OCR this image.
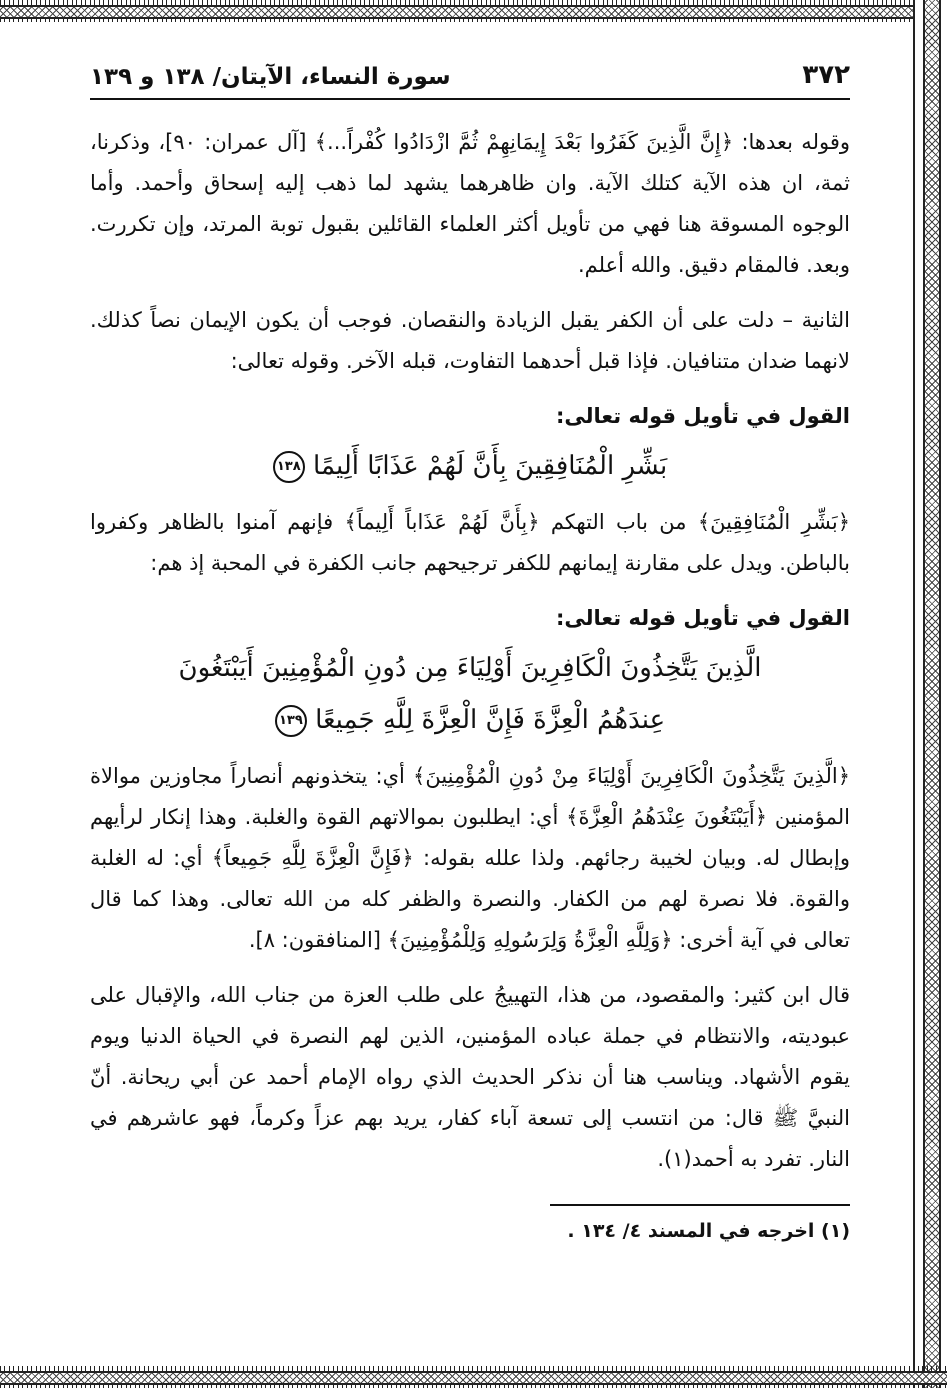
٣٧٢
سورة النساء، الآيتان/ ١٣٨ و ١٣٩

وقوله بعدها: ﴿إِنَّ الَّذِينَ كَفَرُوا بَعْدَ إِيمَانِهِمْ ثُمَّ ازْدَادُوا كُفْراً...﴾ [آل عمران: ٩٠]، وذكرنا، ثمة، ان هذه الآية كتلك الآية. وان ظاهرهما يشهد لما ذهب إليه إسحاق وأحمد. وأما الوجوه المسوقة هنا فهي من تأويل أكثر العلماء القائلين بقبول توبة المرتد، وإن تكررت. وبعد. فالمقام دقيق. والله أعلم.

الثانية – دلت على أن الكفر يقبل الزيادة والنقصان. فوجب أن يكون الإيمان نصاً كذلك. لانهما ضدان متنافيان. فإذا قبل أحدهما التفاوت، قبله الآخر. وقوله تعالى:

القول في تأويل قوله تعالى:
بَشِّرِ الْمُنَافِقِينَ بِأَنَّ لَهُمْ عَذَابًا أَلِيمًا ١٣٨

﴿بَشِّرِ الْمُنَافِقِينَ﴾ من باب التهكم ﴿بِأَنَّ لَهُمْ عَذَاباً أَلِيماً﴾ فإنهم آمنوا بالظاهر وكفروا بالباطن. ويدل على مقارنة إيمانهم للكفر ترجيحهم جانب الكفرة في المحبة إذ هم:

القول في تأويل قوله تعالى:
الَّذِينَ يَتَّخِذُونَ الْكَافِرِينَ أَوْلِيَاءَ مِن دُونِ الْمُؤْمِنِينَ أَيَبْتَغُونَ
عِندَهُمُ الْعِزَّةَ فَإِنَّ الْعِزَّةَ لِلَّهِ جَمِيعًا ١٣٩

﴿الَّذِينَ يَتَّخِذُونَ الْكَافِرِينَ أَوْلِيَاءَ مِنْ دُونِ الْمُؤْمِنِينَ﴾ أي: يتخذونهم أنصاراً مجاوزين موالاة المؤمنين ﴿أَيَبْتَغُونَ عِنْدَهُمُ الْعِزَّةَ﴾ أي: ايطلبون بموالاتهم القوة والغلبة. وهذا إنكار لرأيهم وإبطال له. وبيان لخيبة رجائهم. ولذا علله بقوله: ﴿فَإِنَّ الْعِزَّةَ لِلَّهِ جَمِيعاً﴾ أي: له الغلبة والقوة. فلا نصرة لهم من الكفار. والنصرة والظفر كله من الله تعالى. وهذا كما قال تعالى في آية أخرى: ﴿وَلِلَّهِ الْعِزَّةُ وَلِرَسُولِهِ وَلِلْمُؤْمِنِينَ﴾ [المنافقون: ٨].

قال ابن كثير: والمقصود، من هذا، التهييجُ على طلب العزة من جناب الله، والإقبال على عبوديته، والانتظام في جملة عباده المؤمنين، الذين لهم النصرة في الحياة الدنيا ويوم يقوم الأشهاد. ويناسب هنا أن نذكر الحديث الذي رواه الإمام أحمد عن أبي ريحانة. أنّ النبيَّ ﷺ قال: من انتسب إلى تسعة آباء كفار، يريد بهم عزاً وكرماً، فهو عاشرهم في النار. تفرد به أحمد(١).

(١) اخرجه في المسند ٤/ ١٣٤ .
